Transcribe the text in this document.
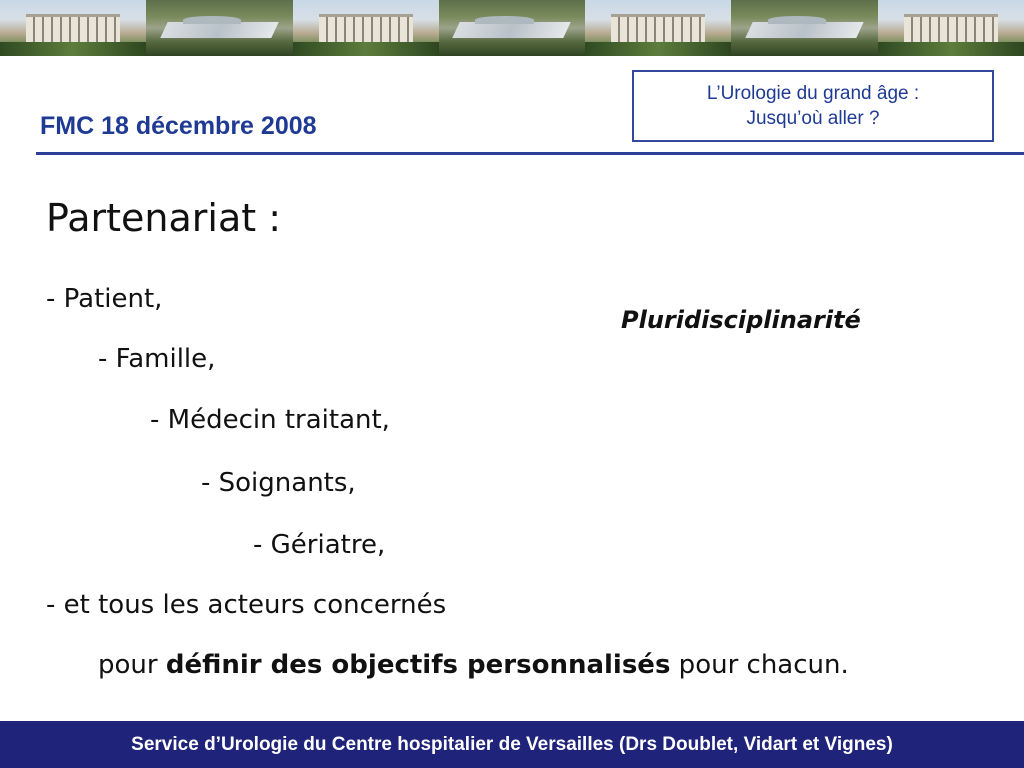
FMC 18 décembre 2008
L’Urologie du grand âge :
Jusqu’où aller ?
Partenariat :
- Patient,
- Famille,
- Médecin traitant,
- Soignants,
- Gériatre,
- et tous les acteurs concernés
pour définir des objectifs personnalisés pour chacun.
Pluridisciplinarité
Service d’Urologie du Centre hospitalier de Versailles (Drs Doublet, Vidart et Vignes)
